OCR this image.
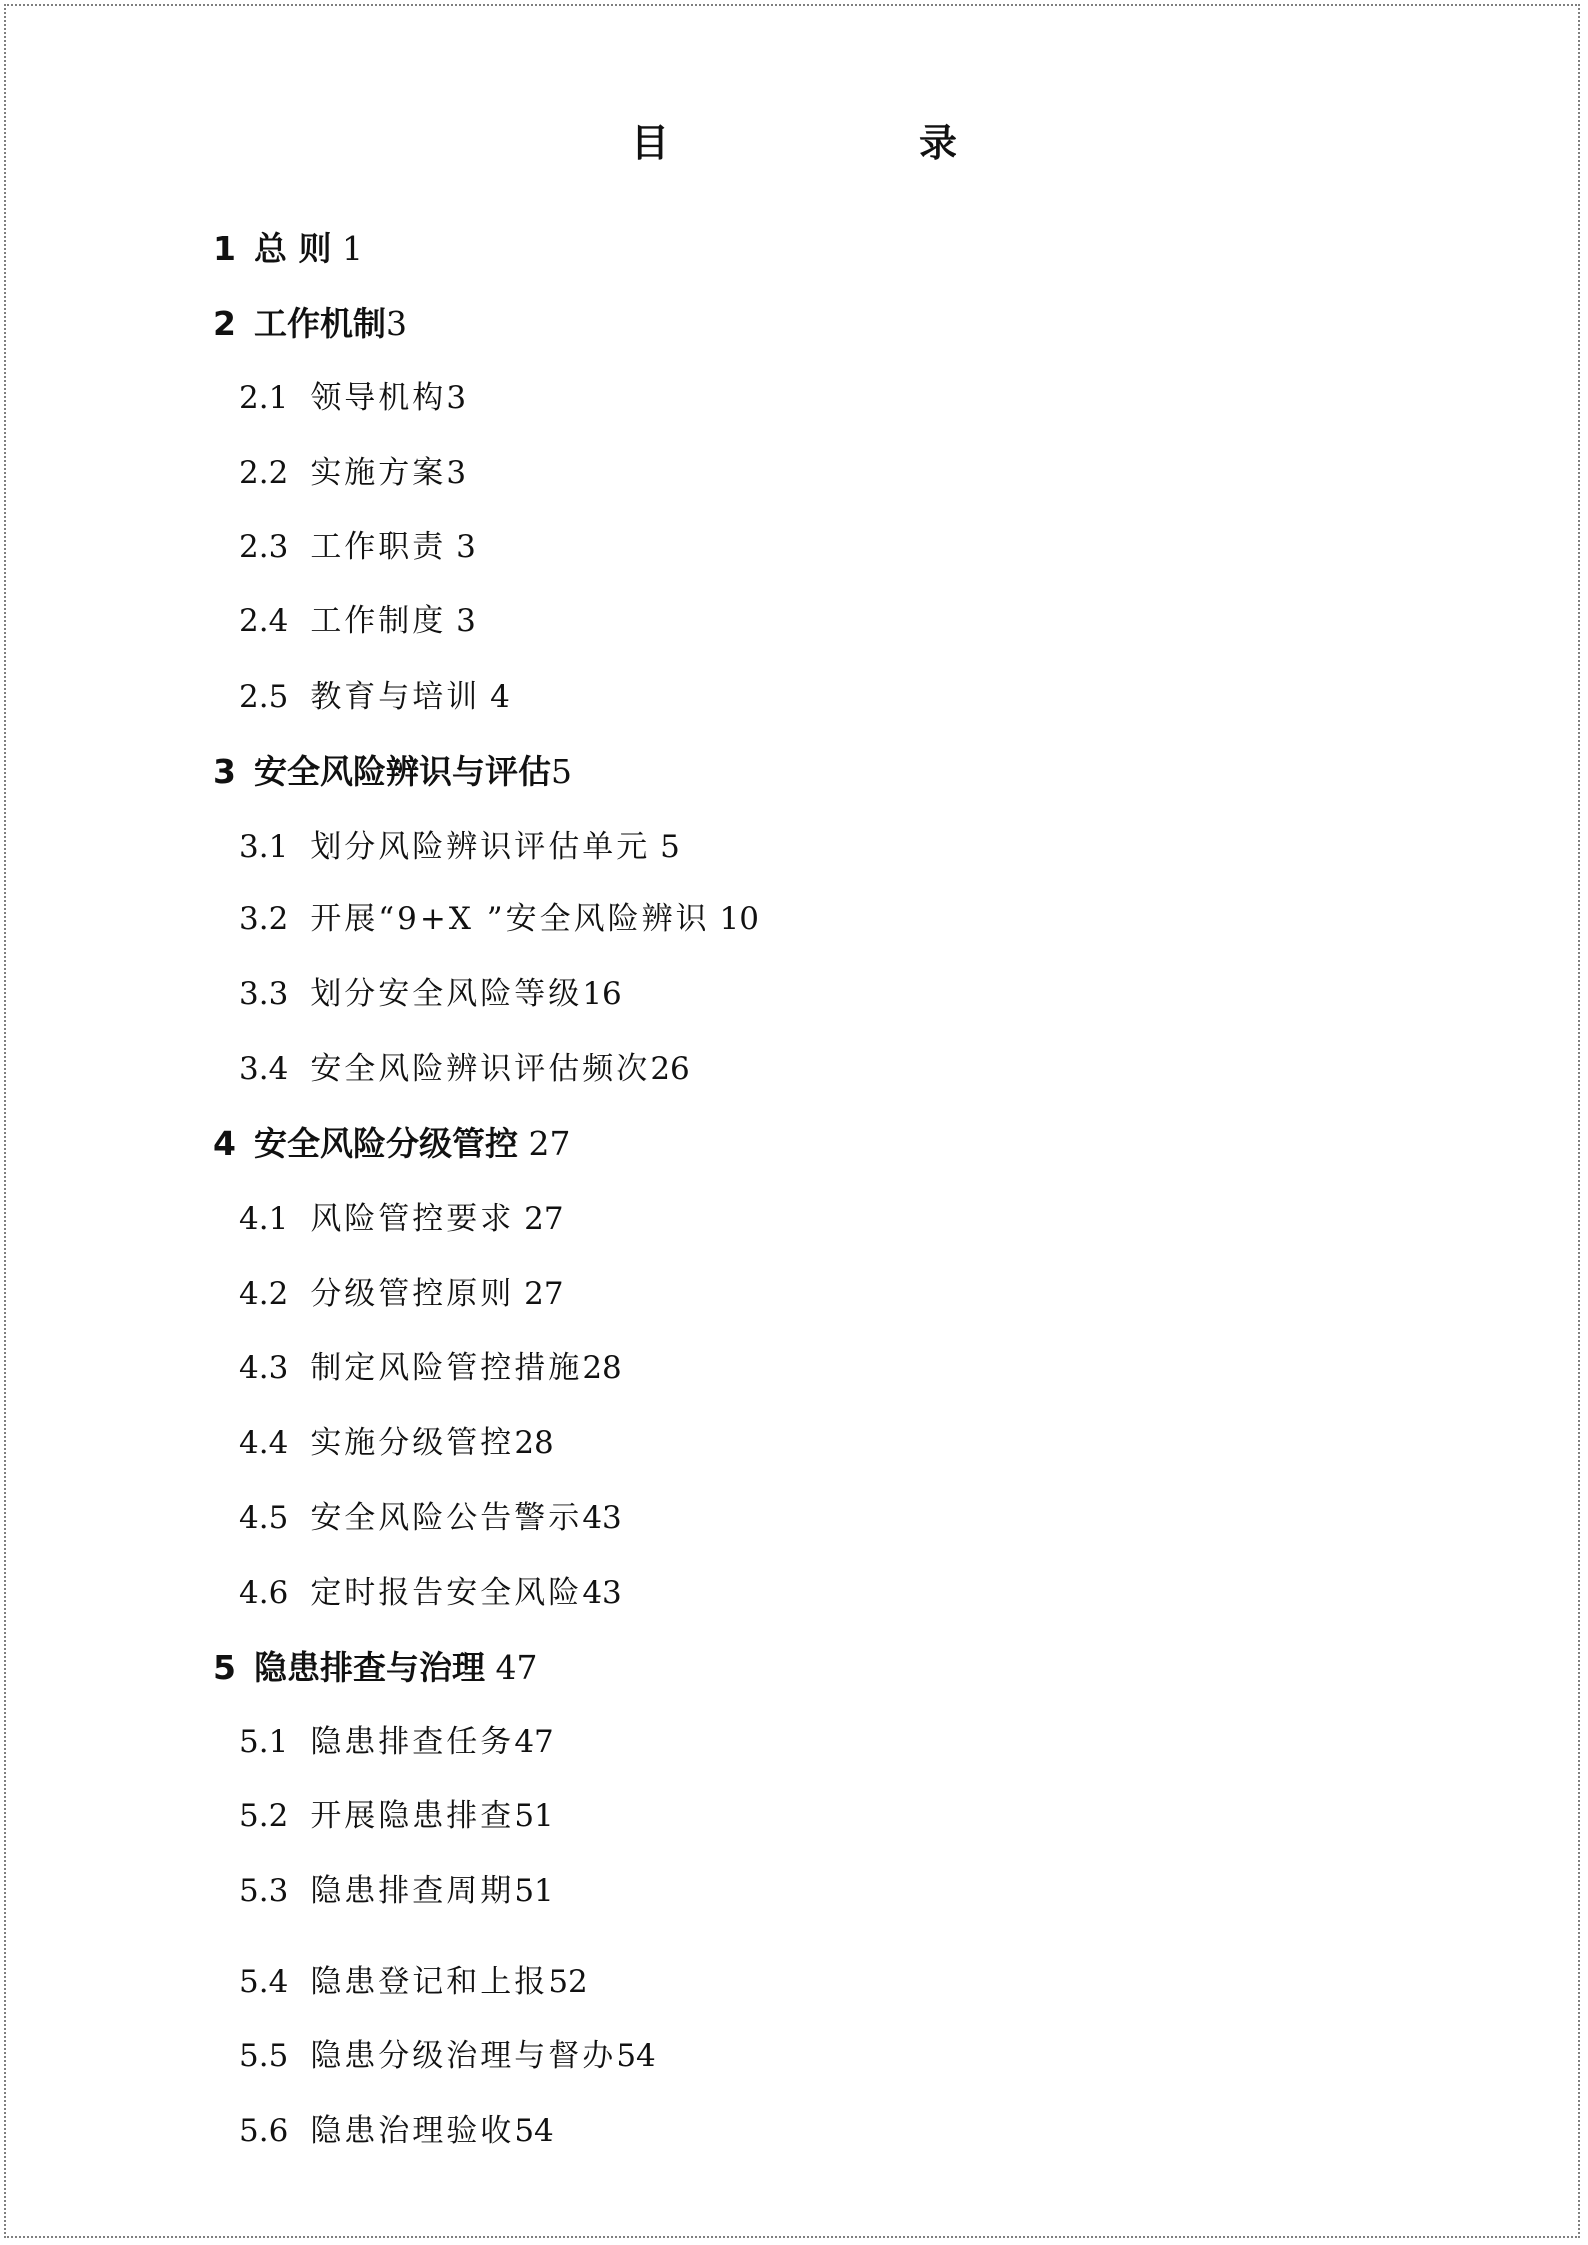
目　　录
1 总 则 1
2 工作机制3
2.1 领导机构3
2.2 实施方案3
2.3 工作职责 3
2.4 工作制度 3
2.5 教育与培训 4
3 安全风险辨识与评估5
3.1 划分风险辨识评估单元 5
3.2 开展“9+X ”安全风险辨识 10
3.3 划分安全风险等级16
3.4 安全风险辨识评估频次26
4 安全风险分级管控 27
4.1 风险管控要求 27
4.2 分级管控原则 27
4.3 制定风险管控措施28
4.4 实施分级管控28
4.5 安全风险公告警示43
4.6 定时报告安全风险43
5 隐患排查与治理 47
5.1 隐患排查任务47
5.2 开展隐患排查51
5.3 隐患排查周期51
5.4 隐患登记和上报52
5.5 隐患分级治理与督办54
5.6 隐患治理验收54
